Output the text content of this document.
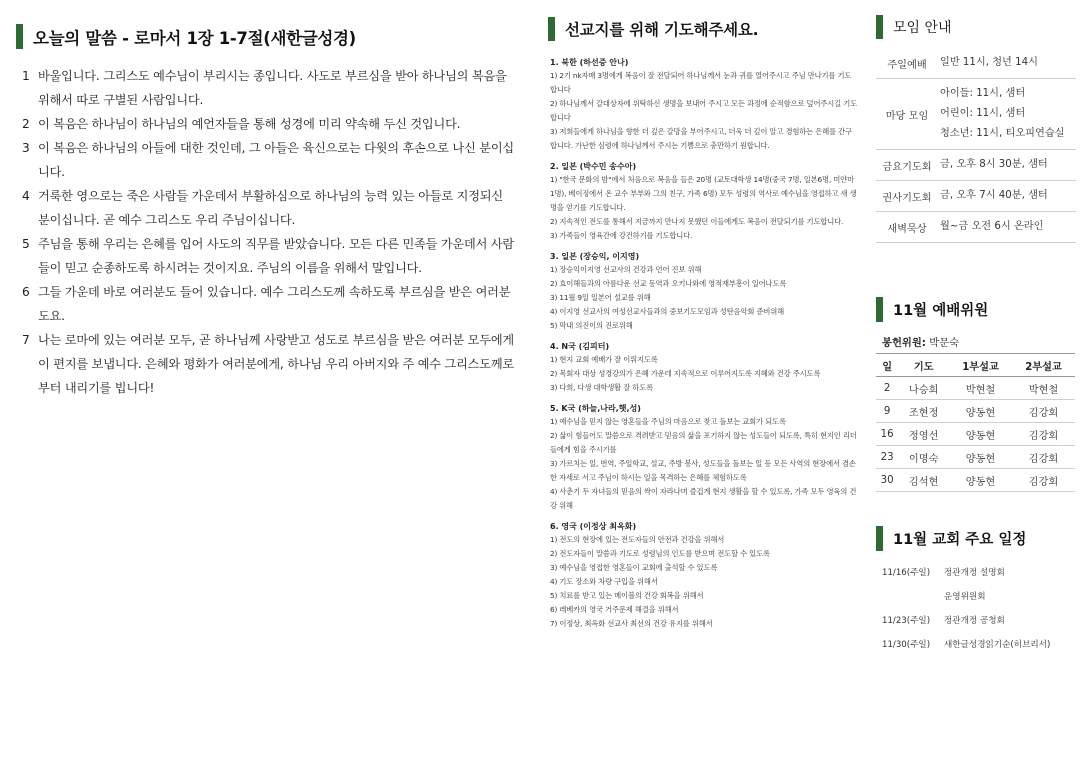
오늘의 말씀 - 로마서 1장 1-7절(새한글성경)
1 바울입니다. 그리스도 예수님이 부리시는 종입니다. 사도로 부르심을 받아 하나님의 복음을 위해서 따로 구별된 사람입니다.
2 이 복음은 하나님이 하나님의 예언자들을 통해 성경에 미리 약속해 두신 것입니다.
3 이 복음은 하나님의 아들에 대한 것인데, 그 아들은 육신으로는 다윗의 후손으로 나신 분이십니다.
4 거룩한 영으로는 죽은 사람들 가운데서 부활하심으로 하나님의 능력 있는 아들로 지정되신 분이십니다. 곧 예수 그리스도 우리 주님이십니다.
5 주님을 통해 우리는 은혜를 입어 사도의 직무를 받았습니다. 모든 다른 민족들 가운데서 사람들이 믿고 순종하도록 하시려는 것이지요. 주님의 이름을 위해서 말입니다.
6 그들 가운데 바로 여러분도 들어 있습니다. 예수 그리스도께 속하도록 부르심을 받은 여러분도요.
7 나는 로마에 있는 여러분 모두, 곧 하나님께 사랑받고 성도로 부르심을 받은 여러분 모두에게 이 편지를 보냅니다. 은혜와 평화가 여러분에게, 하나님 우리 아버지와 주 예수 그리스도께로부터 내리기를 빕니다!
선교지를 위해 기도해주세요.
1. 북한 (하선증 안나)
1) 2기 nk자매 3명에게 복음이 잘 전달되어 하나님께서 눈과 귀를 열어주시고 주님 만나기를 기도합니다
2) 하나님께서 갈대상자에 위탁하신 생명을 보내어 주시고 모든 과정에 순적함으로 덮어주시길 기도합니다
3) 저희들에게 하나님을 향한 더 깊은 갈망을 부어주시고, 더욱 더 깊이 알고 경험하는 은혜를 간구합니다. 가난한 심령에 하나님께서 주시는 기쁨으로 충만하기 원합니다.
2. 일본 (박수민 송수아)
1) "한국 문화의 밤"에서 처음으로 복음을 들은 20명 (교토대학생 14명(중국 7명, 일본6명, 미얀마1명), 베이징에서 온 교수 부부와 그의 친구, 가족 6명) 모두 성령의 역사로 예수님을 영접하고 새 생명을 얻기를 기도합니다.
2) 지속적인 전도를 통해서 지금까지 만나지 못했던 이들에게도 복음이 전달되기를 기도합니다.
3) 가족들이 영육간에 강건하기를 기도합니다.
3. 일본 (장승익, 이지영)
1) 장승익이지영 선교사의 건강과 언어 진보 위해
2) 효이해들과의 아름다운 선교 동역과 오키나와에 영적재부흥이 일어나도록
3) 11월 9일 일본어 설교를 위해
4) 이지영 선교사의 여성선교사들과의 중보기도모임과 성탄음악회 준비위해
5) 막내 의진이의 진로위해
4. N국 (김피터)
1) 현지 교회 예배가 잘 이뤄지도록
2) 목회자 대상 성경강의가 은혜 가운데 지속적으로 이루어지도록 지혜와 건강 주시도록
3) 다희, 다생 대학생활 잘 하도록
5. K국 (하늘,나라,햇,성)
1) 예수님을 믿지 않는 영혼들을 주님의 마음으로 찾고 돌보는 교회가 되도록
2) 삶이 힘들어도 말씀으로 격려받고 믿음의 삶을 포기하지 않는 성도들이 되도록, 특히 현지인 리더들에게 힘을 주시기를
3) 가르치는 일, 번역, 주일학교, 설교, 주방 봉사, 성도들을 돌보는 일 등 모든 사역의 현장에서 겸손한 자세로 서고 주님이 하시는 일을 목격하는 은혜를 체험하도록
4) 사춘기 두 자녀들의 믿음의 싹이 자라나며 즐겁게 현지 생활을 할 수 있도록, 가족 모두 영육의 건강 위해
6. 영국 (이정상 최옥화)
1) 전도의 현장에 있는 전도자들의 안전과 건강을 위해서
2) 전도자들이 말씀과 기도로 성령님의 인도를 받으며 전도할 수 있도록
3) 예수님을 영접한 영혼들이 교회에 출석할 수 있도록
4) 기도 장소와 차량 구입을 위해서
5) 치료를 받고 있는 메이블의 건강 회복을 위해서
6) 레베카의 영국 거주문제 해결을 위해서
7) 이정상, 최옥화 선교사 최선의 건강 유지를 위해서
모임 안내
주일예배	일반 11시, 청년 14시

마당 모임	아이들: 11시, 샘터
어린이: 11시, 샘터
청소년: 11시, 티오피연습실

금요기도회	금, 오후 8시 30분, 샘터

권사기도회	금, 오후 7시 40분, 샘터

새벽묵상	월~금 오전 6시 온라인
11월 예배위원
봉헌위원: 박문숙
일	기도	1부설교	2부설교
2	나승희	박현철	박현철
9	조현정	양동현	김강회
16	정영선	양동현	김강회
23	이명숙	양동현	김강회
30	김석현	양동현	김강회
11월 교회 주요 일정
11/16(주일)	정관개정 설명회
운영위원회
11/23(주일)	정관개정 공청회
11/30(주일)	새한글성경읽기순(히브리서)
